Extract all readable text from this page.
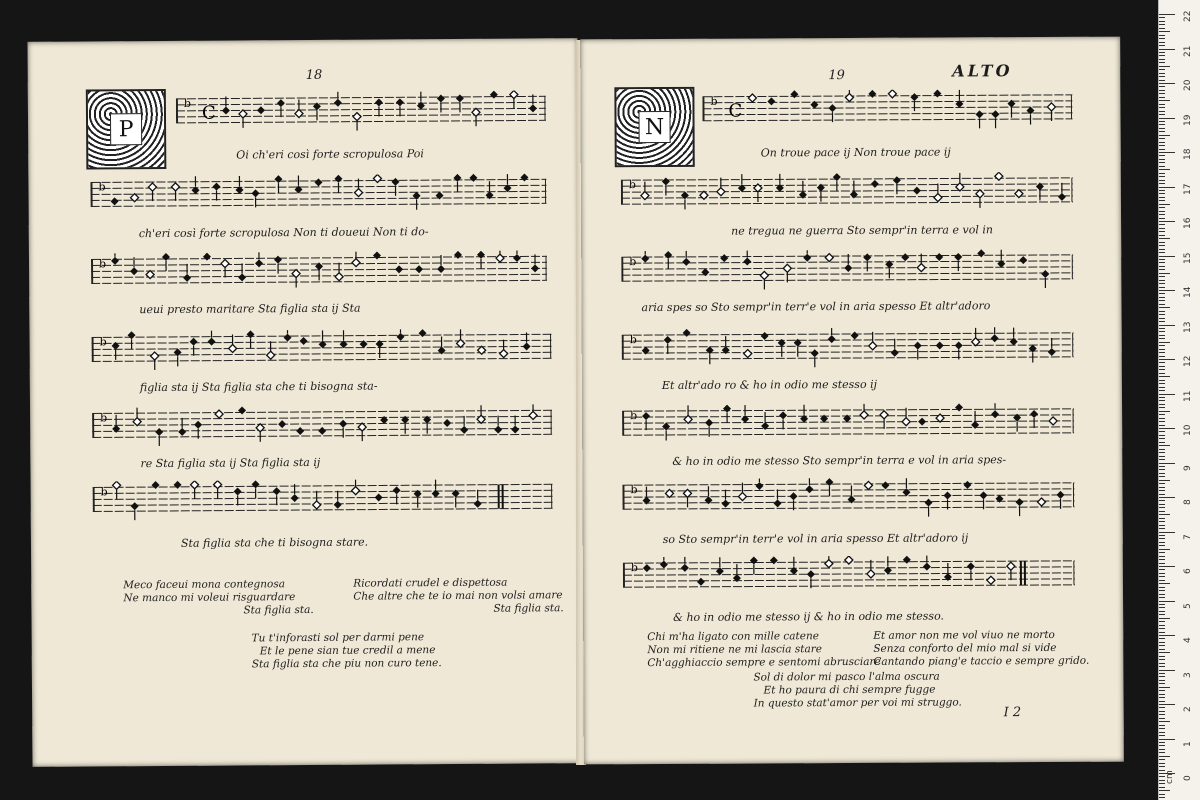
18
P
b C
b
b
b
b
b
Oi ch'eri così forte scropulosa Poi
ch'eri così forte scropulosa Non ti doueui Non ti do-
ueui presto maritare Sta figlia sta ij Sta
figlia sta ij Sta figlia sta che ti bisogna sta-
re Sta figlia sta ij Sta figlia sta ij
Sta figlia sta che ti bisogna stare.
Meco faceui mona contegnosa
Ne manco mi voleui risguardare
Sta figlia sta.
Ricordati crudel e dispettosa
Che altre che te io mai non volsi amare
Sta figlia sta.
Tu t'inforasti sol per darmi pene
Et le pene sian tue credil a mene
Sta figlia sta che piu non curo tene.
19	ALTO
N
b C
b
b
b
b
b
b
On troue pace ij Non troue pace ij
ne tregua ne guerra Sto sempr'in terra e vol in
aria spes so Sto sempr'in terr'e vol in aria spesso Et altr'adoro
Et altr'ado ro & ho in odio me stesso ij
& ho in odio me stesso Sto sempr'in terra e vol in aria spes-
so Sto sempr'in terr'e vol in aria spesso Et altr'adoro ij
& ho in odio me stesso ij & ho in odio me stesso.
Chi m'ha ligato con mille catene
Non mi ritiene ne mi lascia stare
Ch'agghiaccio sempre e sentomi abrusciare
Et amor non me vol viuo ne morto
Senza conforto del mio mal si vide
Cantando piang'e taccio e sempre grido.
Sol di dolor mi pasco l'alma oscura
Et ho paura di chi sempre fugge
In questo stat'amor per voi mi struggo.
I 2
22
21
20
19
18
17
16
15
14
13
12
11
10
9
8
7
6
5
4
3
2
1
0
cm
